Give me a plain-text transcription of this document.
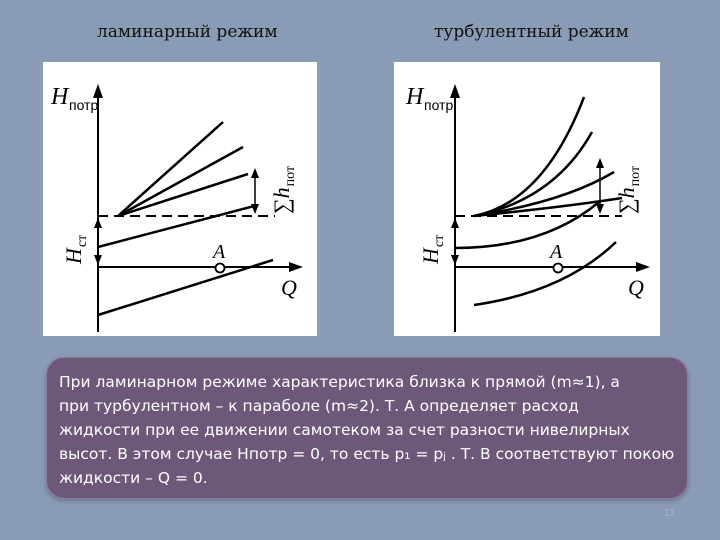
ламинарный режим	турбулентный режим
H потр
$H_{ст}$
$\sum h_{пот}$
A
Q
H потр
$H_{ст}$
$\sum h_{пот}$
A
Q

При ламинарном режиме характеристика близка к прямой (m≈1), а
при турбулентном – к параболе (m≈2). Т. А определяет расход
жидкости при ее движении самотеком за счет разности нивелирных
высот. В этом случае Hпотр = 0, то есть p₁ = pⱼ . Т. В соответствуют покою
жидкости – Q = 0.

17
